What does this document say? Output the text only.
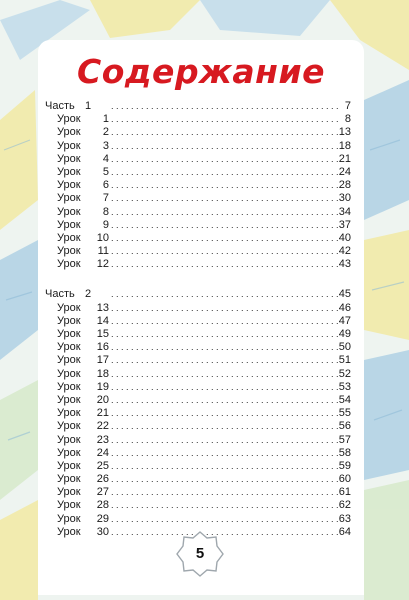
Содержание
Часть 1 . . .	7
Урок	1 . . .	8
Урок	2 . . .	13
Урок	3 . . .	18
Урок	4 . . .	21
Урок	5 . . .	24
Урок	6 . . .	28
Урок	7 . . .	30
Урок	8 . . .	34
Урок	9 . . .	37
Урок	10 . . .	40
Урок	11 . . .	42
Урок	12 . . .	43
Часть 2 . . .	45
Урок	13 . . .	46
Урок	14 . . .	47
Урок	15 . . .	49
Урок	16 . . .	50
Урок	17 . . .	51
Урок	18 . . .	52
Урок	19 . . .	53
Урок	20 . . .	54
Урок	21 . . .	55
Урок	22 . . .	56
Урок	23 . . .	57
Урок	24 . . .	58
Урок	25 . . .	59
Урок	26 . . .	60
Урок	27 . . .	61
Урок	28 . . .	62
Урок	29 . . .	63
Урок	30 . . .	64
5
